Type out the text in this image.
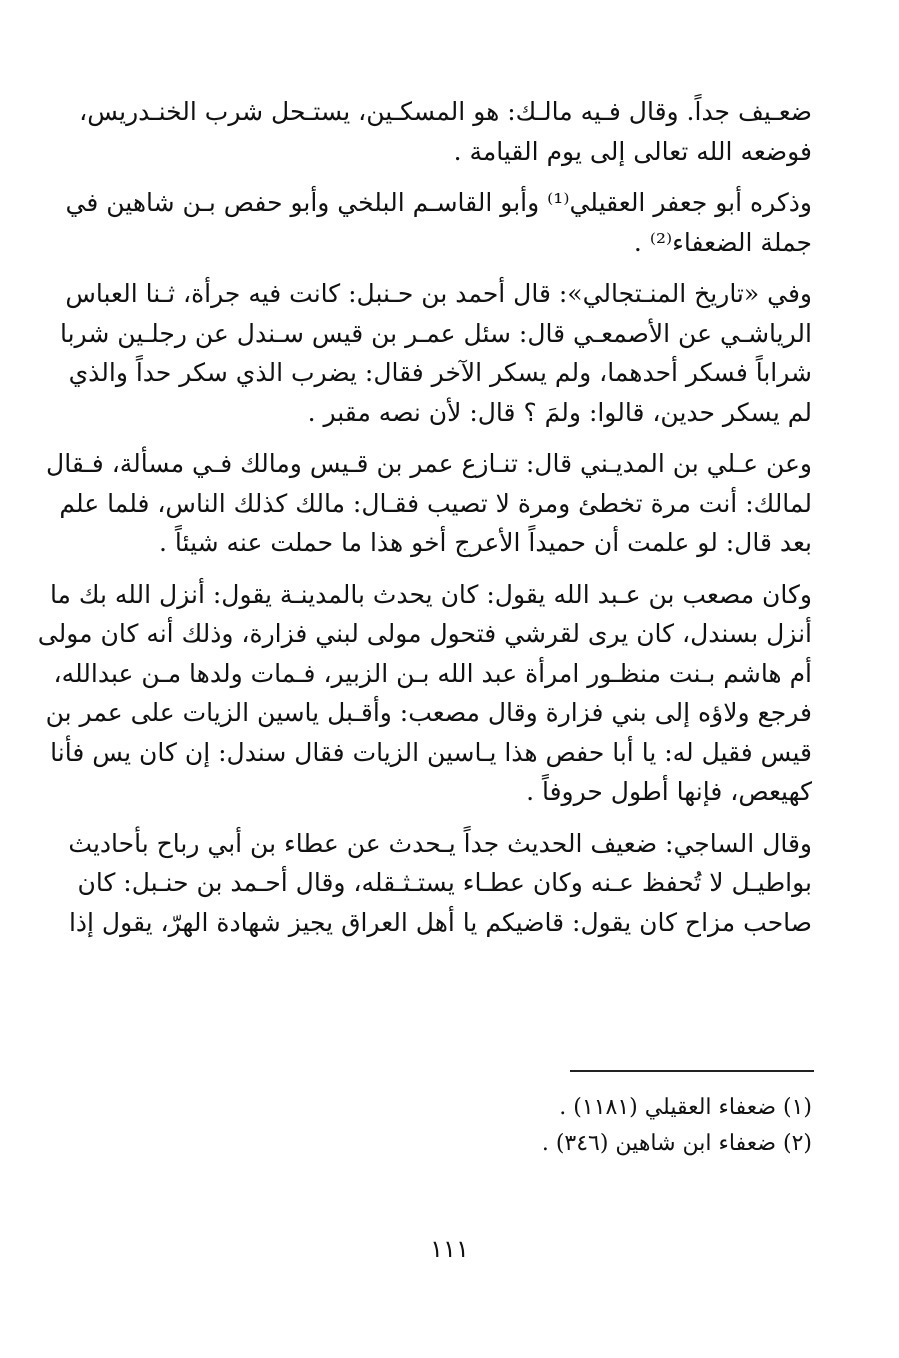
ضعـيف جداً. وقال فـيه مالـك: هو المسكـين، يستـحل شرب الخنـدريس،
فوضعه الله تعالى إلى يوم القيامة .

وذكره أبو جعفر العقيلي⁽¹⁾ وأبو القاسـم البلخي وأبو حفص بـن شاهين في
جملة الضعفاء⁽²⁾ .

وفي «تاريخ المنـتجالي»: قال أحمد بن حـنبل: كانت فيه جرأة، ثـنا العباس
الرياشـي عن الأصمعـي قال: سئل عمـر بن قيس سـندل عن رجلـين شربا
شراباً فسكر أحدهما، ولم يسكر الآخر فقال: يضرب الذي سكر حداً والذي
لم يسكر حدين، قالوا: ولمَ ؟ قال: لأن نصه مقبر .

وعن عـلي بن المديـني قال: تنـازع عمر بن قـيس ومالك فـي مسألة، فـقال
لمالك: أنت مرة تخطئ ومرة لا تصيب فقـال: مالك كذلك الناس، فلما علم
بعد قال: لو علمت أن حميداً الأعرج أخو هذا ما حملت عنه شيئاً .

وكان مصعب بن عـبد الله يقول: كان يحدث بالمدينـة يقول: أنزل الله بك ما
أنزل بسندل، كان يرى لقرشي فتحول مولى لبني فزارة، وذلك أنه كان مولى
أم هاشم بـنت منظـور امرأة عبد الله بـن الزبير، فـمات ولدها مـن عبدالله،
فرجع ولاؤه إلى بني فزارة وقال مصعب: وأقـبل ياسين الزيات على عمر بن
قيس فقيل له: يا أبا حفص هذا يـاسين الزيات فقال سندل: إن كان يس فأنا
كهيعص، فإنها أطول حروفاً .

وقال الساجي: ضعيف الحديث جداً يـحدث عن عطاء بن أبي رباح بأحاديث
بواطيـل لا تُحفظ عـنه وكان عطـاء يستـثـقله، وقال أحـمد بن حنـبل: كان
صاحب مزاح كان يقول: قاضيكم يا أهل العراق يجيز شهادة الهرّ، يقول إذا

(١) ضعفاء العقيلي (١١٨١) .
(٢) ضعفاء ابن شاهين (٣٤٦) .
١١١
